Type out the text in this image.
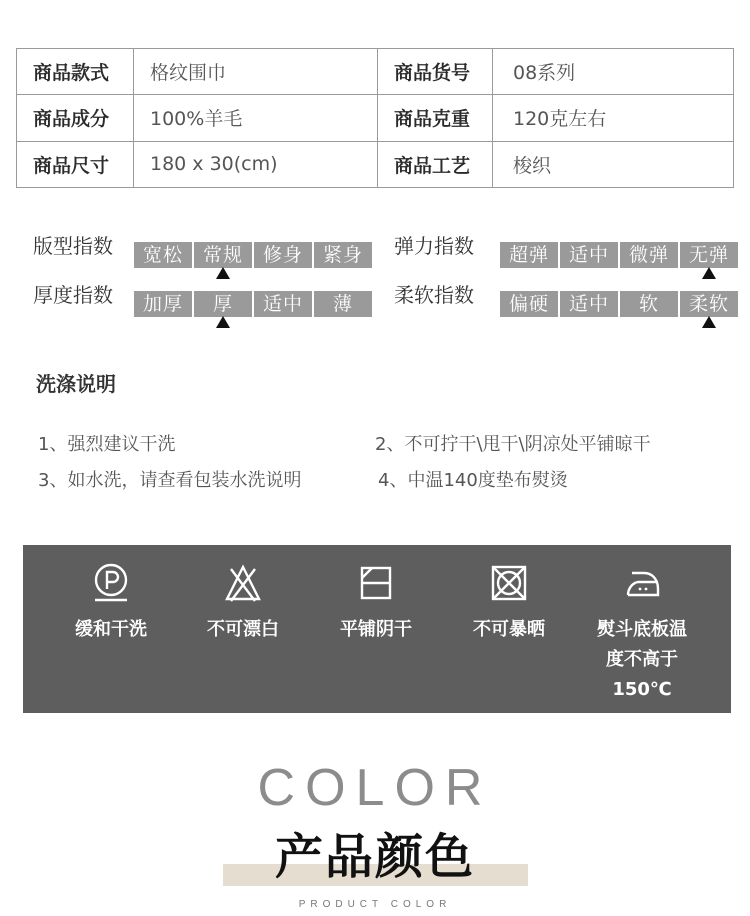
商品款式	格纹围巾	商品货号	08系列
商品成分	100%羊毛	商品克重	120克左右
商品尺寸	180 x 30(cm)	商品工艺	梭织
版型指数	宽松	常规	修身	紧身	弹力指数	超弹	适中	微弹	无弹
厚度指数	加厚	厚	适中	薄	柔软指数	偏硬	适中	软	柔软
洗涤说明
1、强烈建议干洗	2、不可拧干\甩干\阴凉处平铺晾干
3、如水洗，请查看包装水洗说明	4、中温140度垫布熨烫
缓和干洗	不可漂白	平铺阴干	不可暴晒	熨斗底板温
度不高于
150℃
COLOR
产品颜色
PRODUCT COLOR
